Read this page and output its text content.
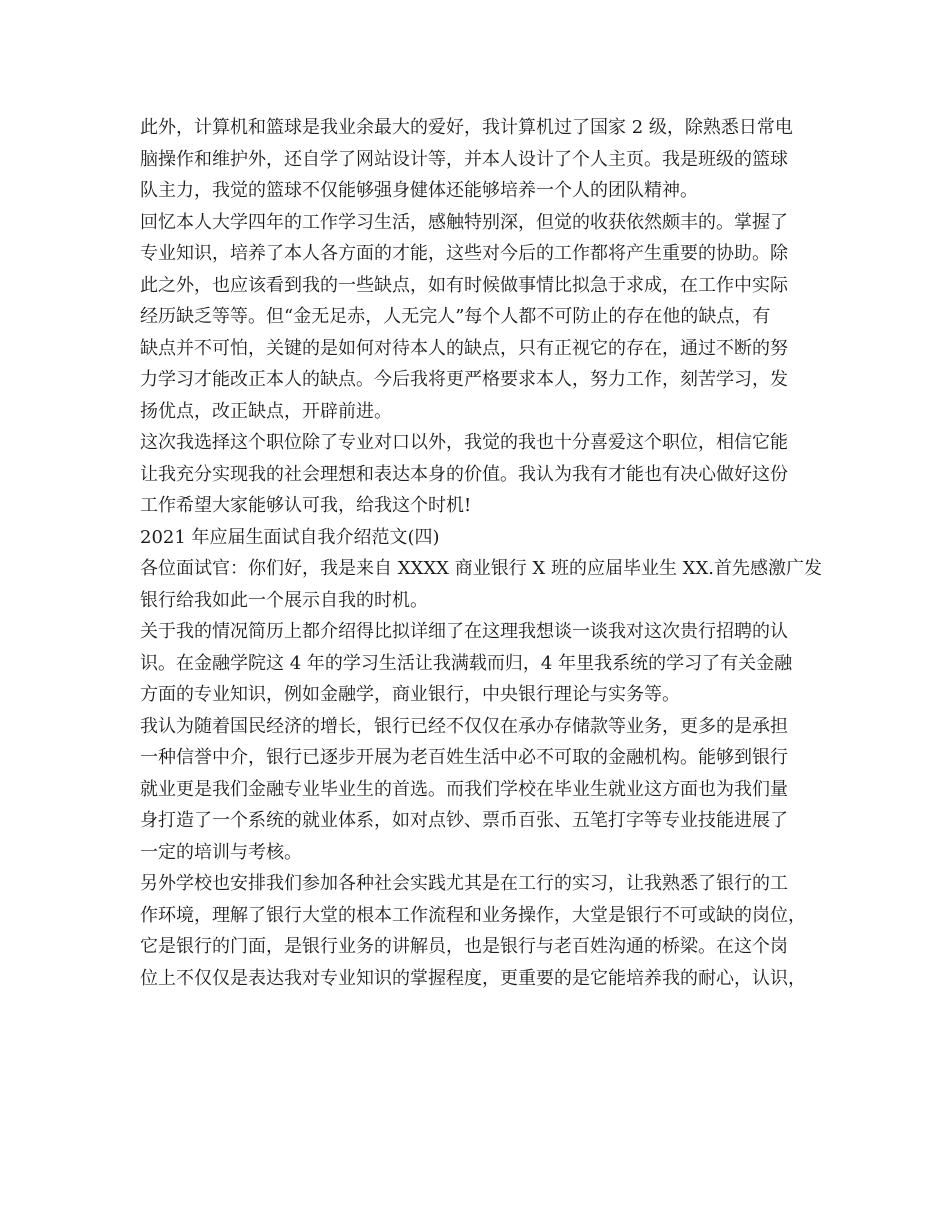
此外，计算机和篮球是我业余最大的爱好，我计算机过了国家 2 级，除熟悉日常电
脑操作和维护外，还自学了网站设计等，并本人设计了个人主页。我是班级的篮球
队主力，我觉的篮球不仅能够强身健体还能够培养一个人的团队精神。
回忆本人大学四年的工作学习生活，感触特别深，但觉的收获依然颇丰的。掌握了
专业知识，培养了本人各方面的才能，这些对今后的工作都将产生重要的协助。除
此之外，也应该看到我的一些缺点，如有时候做事情比拟急于求成，在工作中实际
经历缺乏等等。但“金无足赤，人无完人”每个人都不可防止的存在他的缺点，有
缺点并不可怕，关键的是如何对待本人的缺点，只有正视它的存在，通过不断的努
力学习才能改正本人的缺点。今后我将更严格要求本人，努力工作，刻苦学习，发
扬优点，改正缺点，开辟前进。
这次我选择这个职位除了专业对口以外，我觉的我也十分喜爱这个职位，相信它能
让我充分实现我的社会理想和表达本身的价值。我认为我有才能也有决心做好这份
工作希望大家能够认可我，给我这个时机!
2021 年应届生面试自我介绍范文(四)
各位面试官：你们好，我是来自 XXXX 商业银行 X 班的应届毕业生 XX.首先感激广发
银行给我如此一个展示自我的时机。
关于我的情况简历上都介绍得比拟详细了在这理我想谈一谈我对这次贵行招聘的认
识。在金融学院这 4 年的学习生活让我满载而归，4 年里我系统的学习了有关金融
方面的专业知识，例如金融学，商业银行，中央银行理论与实务等。
我认为随着国民经济的增长，银行已经不仅仅在承办存储款等业务，更多的是承担
一种信誉中介，银行已逐步开展为老百姓生活中必不可取的金融机构。能够到银行
就业更是我们金融专业毕业生的首选。而我们学校在毕业生就业这方面也为我们量
身打造了一个系统的就业体系，如对点钞、票币百张、五笔打字等专业技能进展了
一定的培训与考核。
另外学校也安排我们参加各种社会实践尤其是在工行的实习，让我熟悉了银行的工
作环境，理解了银行大堂的根本工作流程和业务操作，大堂是银行不可或缺的岗位，
它是银行的门面，是银行业务的讲解员，也是银行与老百姓沟通的桥梁。在这个岗
位上不仅仅是表达我对专业知识的掌握程度，更重要的是它能培养我的耐心，认识，
